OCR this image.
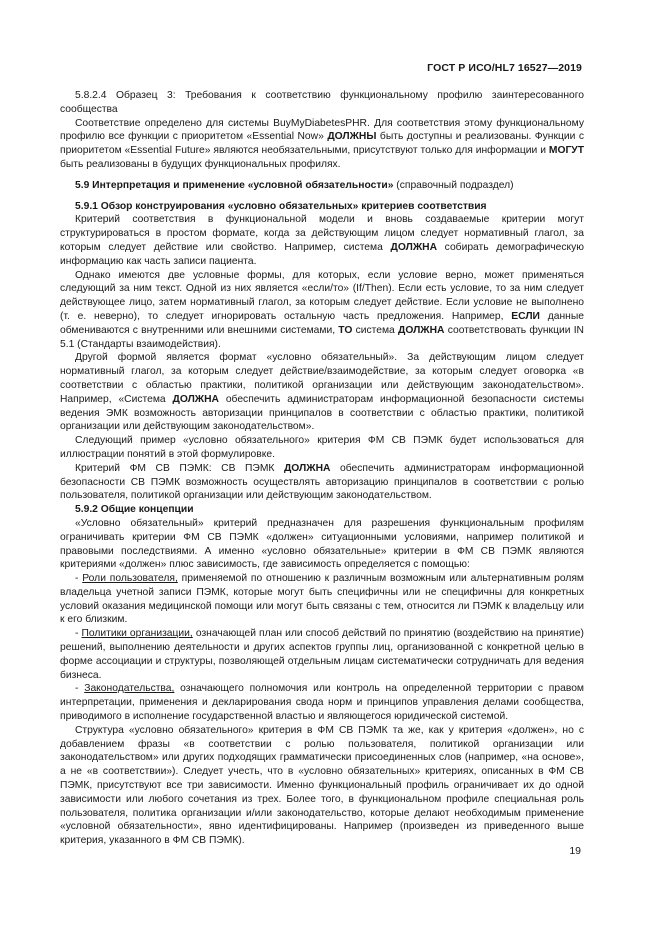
ГОСТ Р ИСО/HL7 16527—2019

5.8.2.4 Образец 3: Требования к соответствию функциональному профилю заинтересованного сообщества

Соответствие определено для системы BuyMyDiabetesPHR. Для соответствия этому функциональному профилю все функции с приоритетом «Essential Now» ДОЛЖНЫ быть доступны и реализованы. Функции с приоритетом «Essential Future» являются необязательными, присутствуют только для информации и МОГУТ быть реализованы в будущих функциональных профилях.

5.9 Интерпретация и применение «условной обязательности» (справочный подраздел)

5.9.1 Обзор конструирования «условно обязательных» критериев соответствия

Критерий соответствия в функциональной модели и вновь создаваемые критерии могут структурироваться в простом формате, когда за действующим лицом следует нормативный глагол, за которым следует действие или свойство. Например, система ДОЛЖНА собирать демографическую информацию как часть записи пациента.

Однако имеются две условные формы, для которых, если условие верно, может применяться следующий за ним текст. Одной из них является «если/то» (If/Then). Если есть условие, то за ним следует действующее лицо, затем нормативный глагол, за которым следует действие. Если условие не выполнено (т. е. неверно), то следует игнорировать остальную часть предложения. Например, ЕСЛИ данные обмениваются с внутренними или внешними системами, ТО система ДОЛЖНА соответствовать функции IN 5.1 (Стандарты взаимодействия).

Другой формой является формат «условно обязательный». За действующим лицом следует нормативный глагол, за которым следует действие/взаимодействие, за которым следует оговорка «в соответствии с областью практики, политикой организации или действующим законодательством». Например, «Система ДОЛЖНА обеспечить администраторам информационной безопасности системы ведения ЭМК возможность авторизации принципалов в соответствии с областью практики, политикой организации или действующим законодательством».

Следующий пример «условно обязательного» критерия ФМ СВ ПЭМК будет использоваться для иллюстрации понятий в этой формулировке.

Критерий ФМ СВ ПЭМК: СВ ПЭМК ДОЛЖНА обеспечить администраторам информационной безопасности СВ ПЭМК возможность осуществлять авторизацию принципалов в соответствии с ролью пользователя, политикой организации или действующим законодательством.

5.9.2 Общие концепции

«Условно обязательный» критерий предназначен для разрешения функциональным профилям ограничивать критерии ФМ СВ ПЭМК «должен» ситуационными условиями, например политикой и правовыми последствиями. А именно «условно обязательные» критерии в ФМ СВ ПЭМК являются критериями «должен» плюс зависимость, где зависимость определяется с помощью:

- Роли пользователя, применяемой по отношению к различным возможным или альтернативным ролям владельца учетной записи ПЭМК, которые могут быть специфичны или не специфичны для конкретных условий оказания медицинской помощи или могут быть связаны с тем, относится ли ПЭМК к владельцу или к его близким.

- Политики организации, означающей план или способ действий по принятию (воздействию на принятие) решений, выполнению деятельности и других аспектов группы лиц, организованной с конкретной целью в форме ассоциации и структуры, позволяющей отдельным лицам систематически сотрудничать для ведения бизнеса.

- Законодательства, означающего полномочия или контроль на определенной территории с правом интерпретации, применения и декларирования свода норм и принципов управления делами сообщества, приводимого в исполнение государственной властью и являющегося юридической системой.

Структура «условно обязательного» критерия в ФМ СВ ПЭМК та же, как у критерия «должен», но с добавлением фразы «в соответствии с ролью пользователя, политикой организации или законодательством» или других подходящих грамматически присоединенных слов (например, «на основе», а не «в соответствии»). Следует учесть, что в «условно обязательных» критериях, описанных в ФМ СВ ПЭМК, присутствуют все три зависимости. Именно функциональный профиль ограничивает их до одной зависимости или любого сочетания из трех. Более того, в функциональном профиле специальная роль пользователя, политика организации и/или законодательство, которые делают необходимым применение «условной обязательности», явно идентифицированы. Например (произведен из приведенного выше критерия, указанного в ФМ СВ ПЭМК).

19
